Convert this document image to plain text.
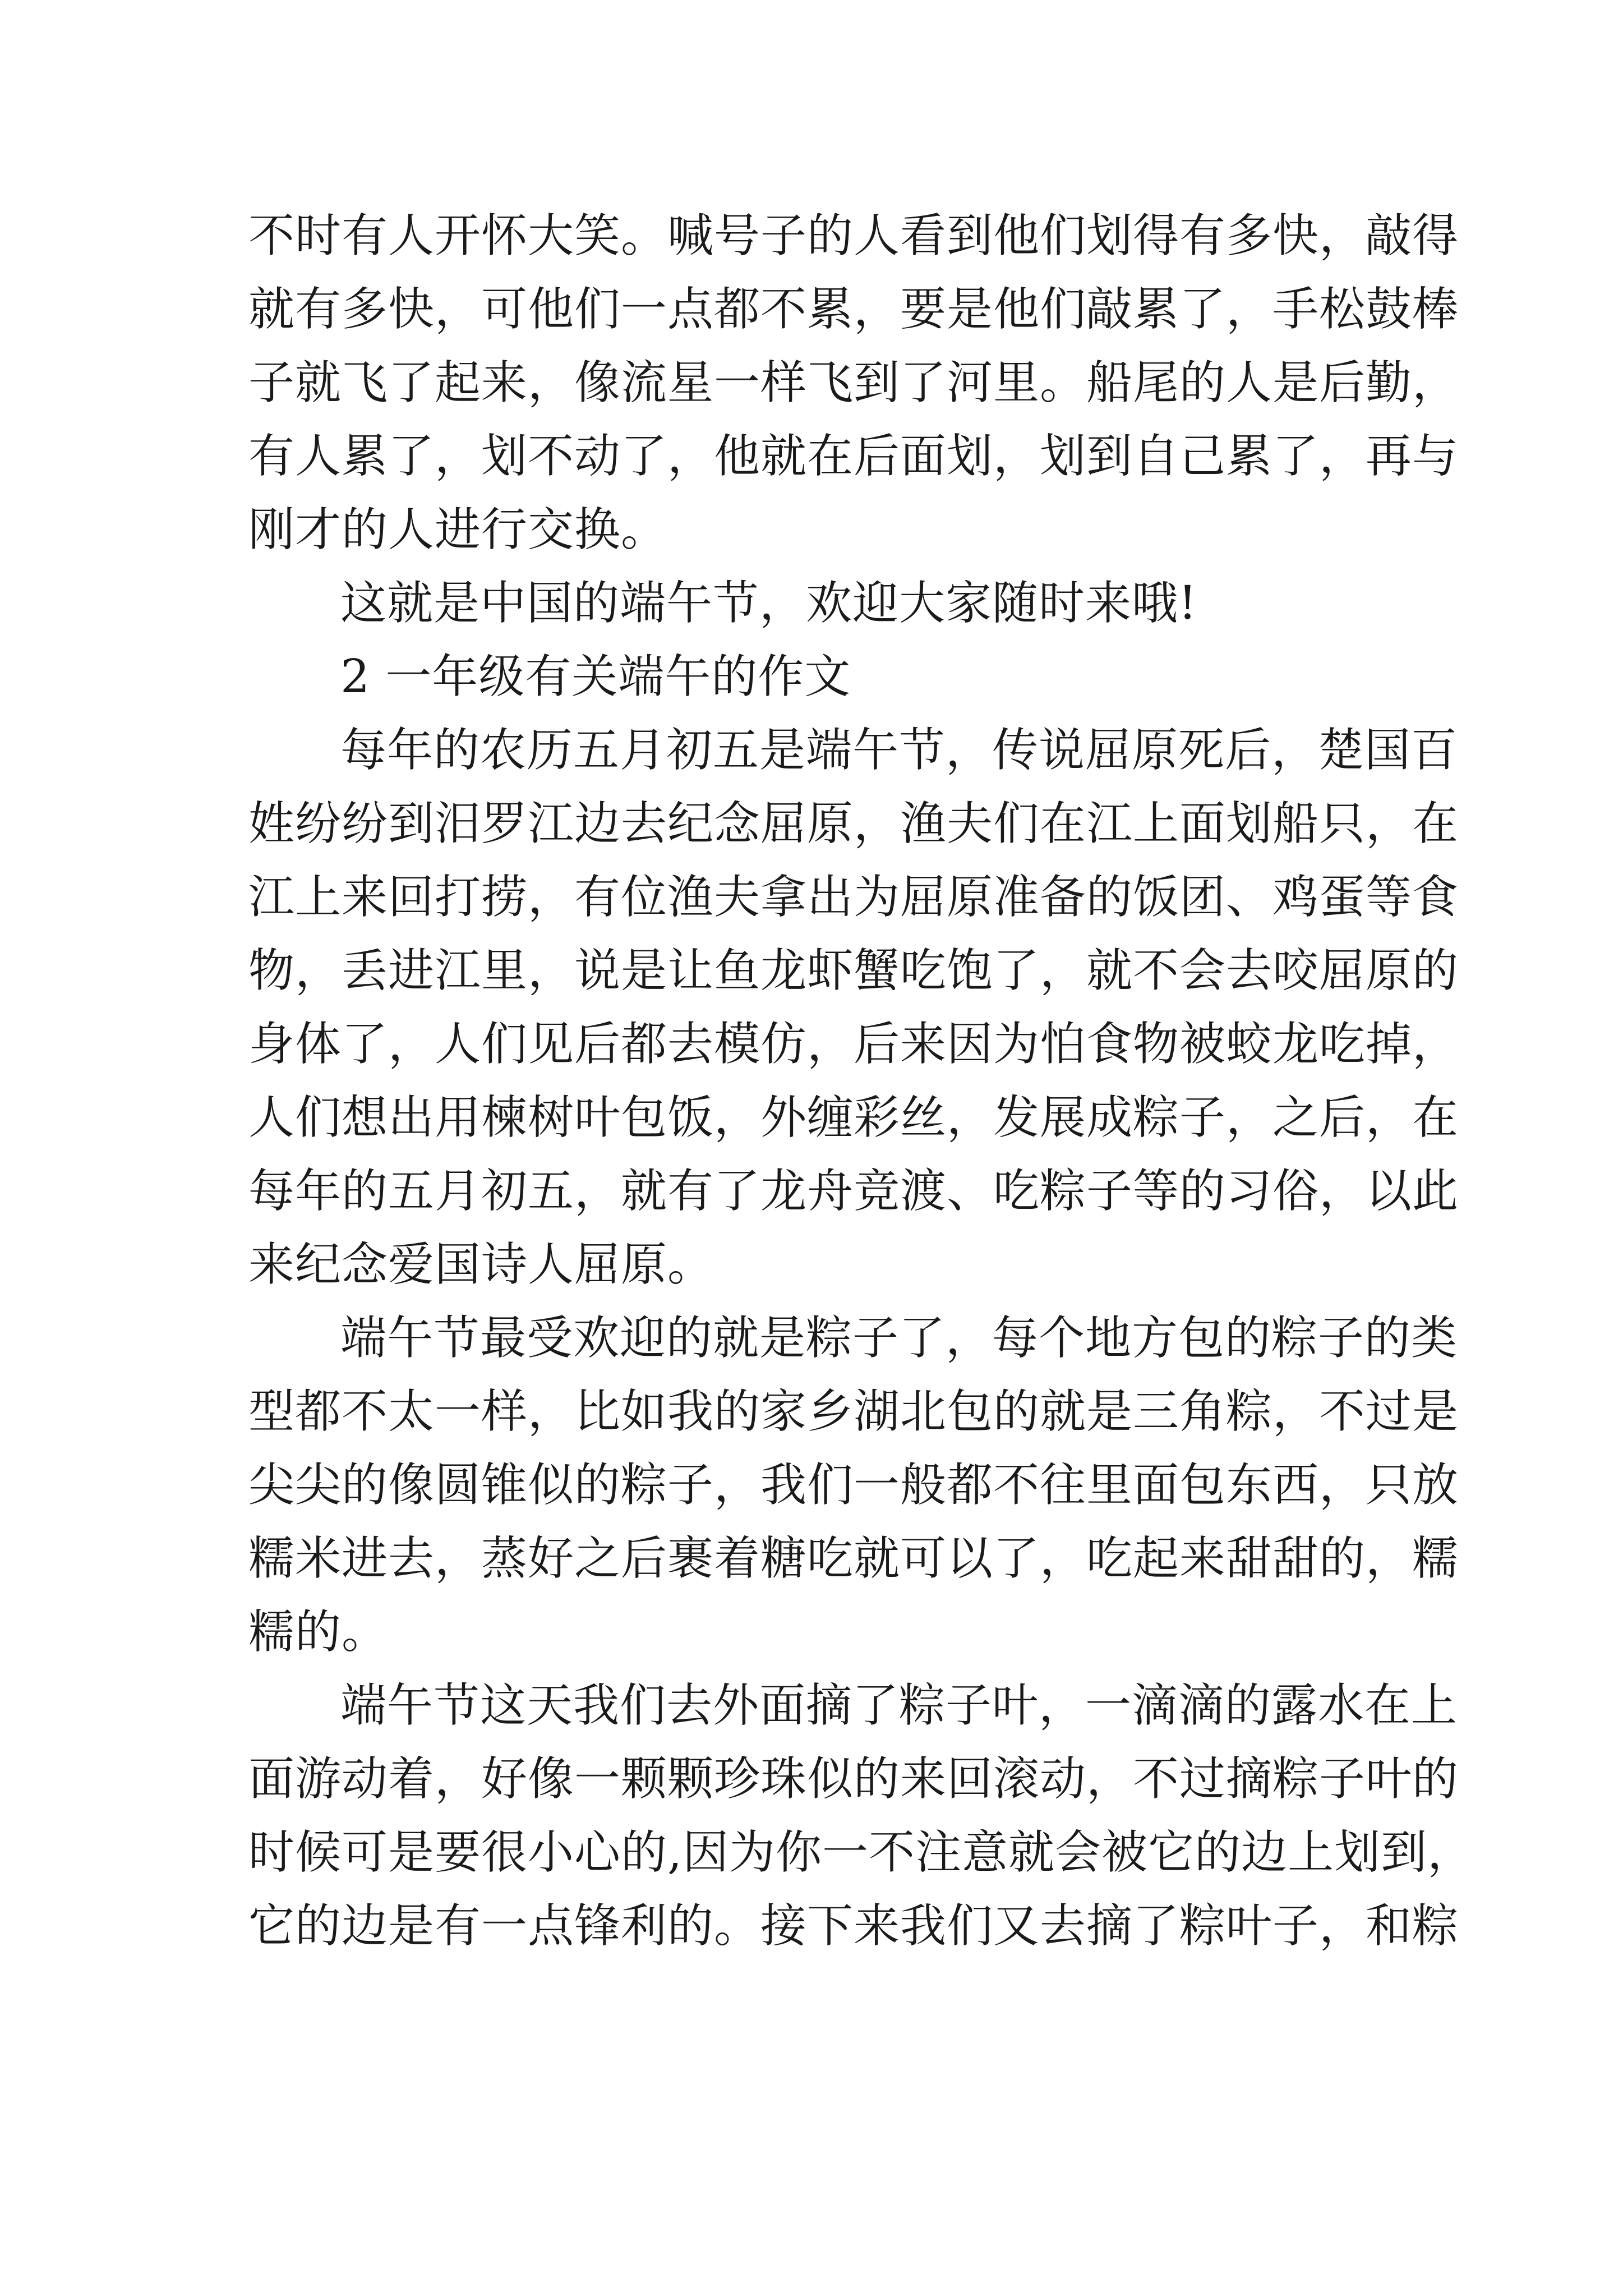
不时有人开怀大笑。喊号子的人看到他们划得有多快，敲得
就有多快，可他们一点都不累，要是他们敲累了，手松鼓棒
子就飞了起来，像流星一样飞到了河里。船尾的人是后勤，
有人累了，划不动了，他就在后面划，划到自己累了，再与
刚才的人进行交换。
这就是中国的端午节，欢迎大家随时来哦!
2 一年级有关端午的作文
每年的农历五月初五是端午节，传说屈原死后，楚国百
姓纷纷到汨罗江边去纪念屈原，渔夫们在江上面划船只，在
江上来回打捞，有位渔夫拿出为屈原准备的饭团、鸡蛋等食
物，丢进江里，说是让鱼龙虾蟹吃饱了，就不会去咬屈原的
身体了，人们见后都去模仿，后来因为怕食物被蛟龙吃掉，
人们想出用楝树叶包饭，外缠彩丝，发展成粽子，之后，在
每年的五月初五，就有了龙舟竞渡、吃粽子等的习俗，以此
来纪念爱国诗人屈原。
端午节最受欢迎的就是粽子了，每个地方包的粽子的类
型都不太一样，比如我的家乡湖北包的就是三角粽，不过是
尖尖的像圆锥似的粽子，我们一般都不往里面包东西，只放
糯米进去，蒸好之后裹着糖吃就可以了，吃起来甜甜的，糯
糯的。
端午节这天我们去外面摘了粽子叶，一滴滴的露水在上
面游动着，好像一颗颗珍珠似的来回滚动，不过摘粽子叶的
时候可是要很小心的,因为你一不注意就会被它的边上划到，
它的边是有一点锋利的。接下来我们又去摘了粽叶子，和粽
